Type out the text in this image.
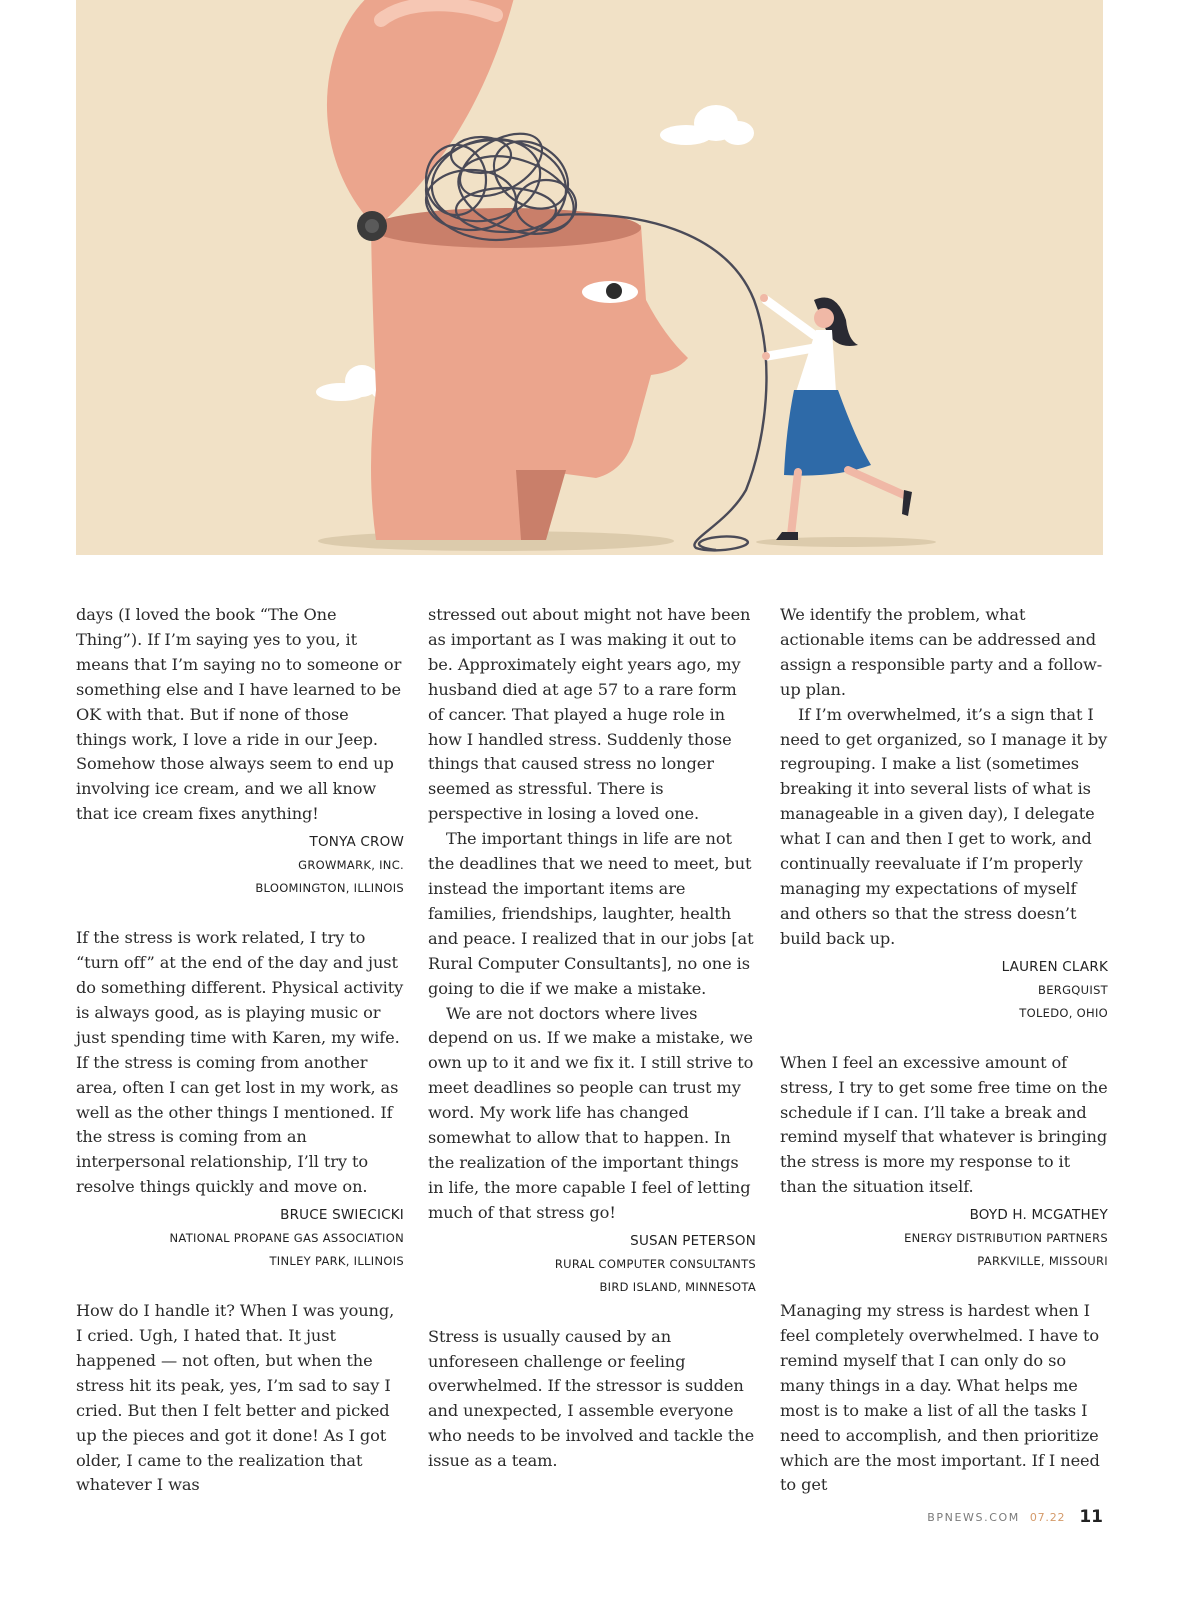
days (I loved the book “The One Thing”). If I’m saying yes to you, it means that I’m saying no to someone or something else and I have learned to be OK with that. But if none of those things work, I love a ride in our Jeep. Somehow those always seem to end up involving ice cream, and we all know that ice cream fixes anything!

TONYA CROW
GROWMARK, INC.
BLOOMINGTON, ILLINOIS

If the stress is work related, I try to “turn off” at the end of the day and just do something different. Physical activity is always good, as is playing music or just spending time with Karen, my wife. If the stress is coming from another area, often I can get lost in my work, as well as the other things I mentioned. If the stress is coming from an interpersonal relationship, I’ll try to resolve things quickly and move on.

BRUCE SWIECICKI
NATIONAL PROPANE GAS ASSOCIATION
TINLEY PARK, ILLINOIS

How do I handle it? When I was young, I cried. Ugh, I hated that. It just happened — not often, but when the stress hit its peak, yes, I’m sad to say I cried. But then I felt better and picked up the pieces and got it done! As I got older, I came to the realization that whatever I was

stressed out about might not have been as important as I was making it out to be. Approximately eight years ago, my husband died at age 57 to a rare form of cancer. That played a huge role in how I handled stress. Suddenly those things that caused stress no longer seemed as stressful. There is perspective in losing a loved one.

The important things in life are not the deadlines that we need to meet, but instead the important items are families, friendships, laughter, health and peace. I realized that in our jobs [at Rural Computer Consultants], no one is going to die if we make a mistake.

We are not doctors where lives depend on us. If we make a mistake, we own up to it and we fix it. I still strive to meet deadlines so people can trust my word. My work life has changed somewhat to allow that to happen. In the realization of the important things in life, the more capable I feel of letting much of that stress go!

SUSAN PETERSON
RURAL COMPUTER CONSULTANTS
BIRD ISLAND, MINNESOTA

Stress is usually caused by an unforeseen challenge or feeling overwhelmed. If the stressor is sudden and unexpected, I assemble everyone who needs to be involved and tackle the issue as a team.

We identify the problem, what actionable items can be addressed and assign a responsible party and a follow-up plan.

If I’m overwhelmed, it’s a sign that I need to get organized, so I manage it by regrouping. I make a list (sometimes breaking it into several lists of what is manageable in a given day), I delegate what I can and then I get to work, and continually reevaluate if I’m properly managing my expectations of myself and others so that the stress doesn’t build back up.

LAUREN CLARK
BERGQUIST
TOLEDO, OHIO

When I feel an excessive amount of stress, I try to get some free time on the schedule if I can. I’ll take a break and remind myself that whatever is bringing the stress is more my response to it than the situation itself.

BOYD H. MCGATHEY
ENERGY DISTRIBUTION PARTNERS
PARKVILLE, MISSOURI

Managing my stress is hardest when I feel completely overwhelmed. I have to remind myself that I can only do so many things in a day. What helps me most is to make a list of all the tasks I need to accomplish, and then prioritize which are the most important. If I need to get

BPNEWS.COM 07.22 11
